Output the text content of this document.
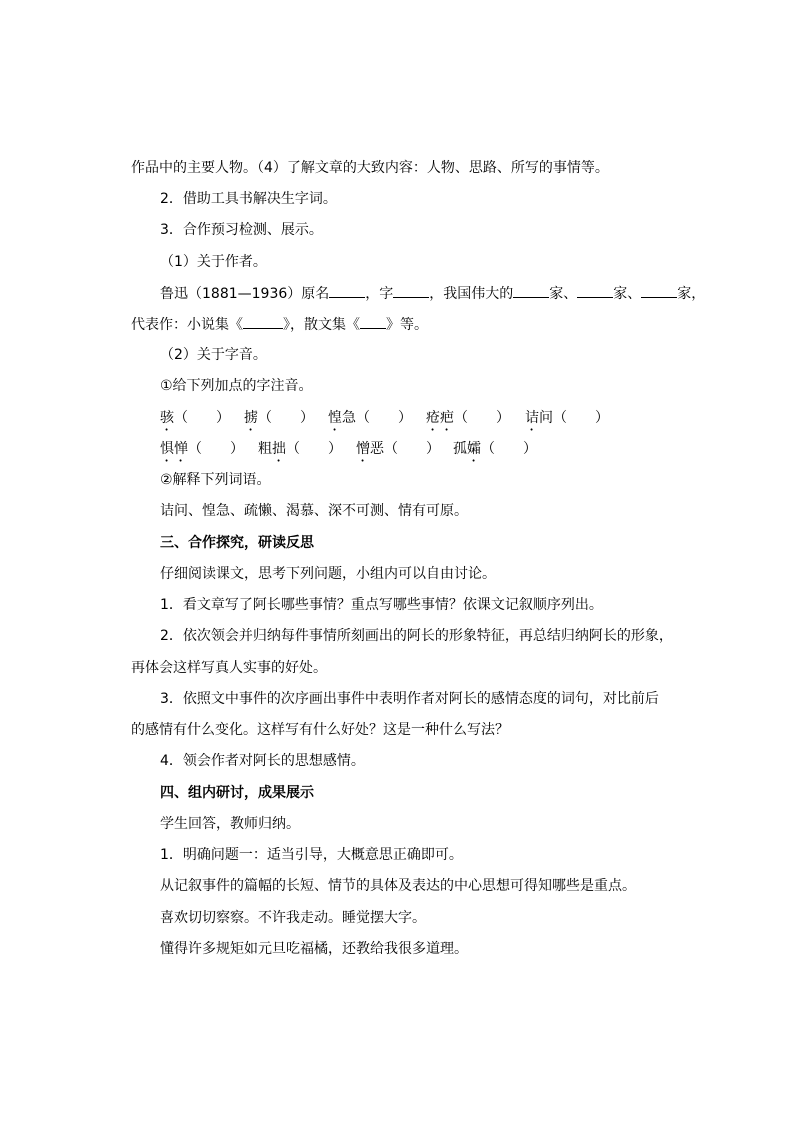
作品中的主要人物。（4）了解文章的大致内容：人物、思路、所写的事情等。
2．借助工具书解决生字词。
3．合作预习检测、展示。
（1）关于作者。
鲁迅（1881—1936）原名	，字	，我国伟大的	家、	家、	家，
代表作：小说集《	》，散文集《 》等。
（2）关于字音。
①给下列加点的字注音。
骇（　　） 掳（　　） 惶急（　　） 疮疤（　　） 诘问（　　）
惧惮（　　） 粗拙（　　） 憎恶（　　） 孤孀（　　）
②解释下列词语。
诘问、惶急、疏懒、渴慕、深不可测、情有可原。
三、合作探究，研读反思
仔细阅读课文，思考下列问题，小组内可以自由讨论。
1．看文章写了阿长哪些事情？重点写哪些事情？依课文记叙顺序列出。
2．依次领会并归纳每件事情所刻画出的阿长的形象特征，再总结归纳阿长的形象，
再体会这样写真人实事的好处。
3．依照文中事件的次序画出事件中表明作者对阿长的感情态度的词句，对比前后
的感情有什么变化。这样写有什么好处？这是一种什么写法？
4．领会作者对阿长的思想感情。
四、组内研讨，成果展示
学生回答，教师归纳。
1．明确问题一：适当引导，大概意思正确即可。
从记叙事件的篇幅的长短、情节的具体及表达的中心思想可得知哪些是重点。
喜欢切切察察。不许我走动。睡觉摆大字。
懂得许多规矩如元旦吃福橘，还教给我很多道理。
